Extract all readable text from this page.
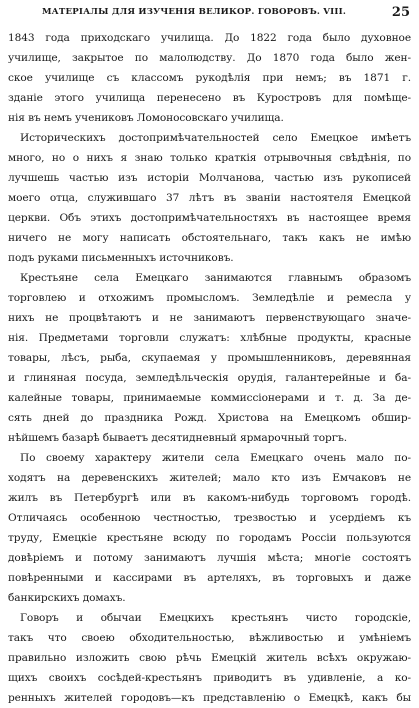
МАТЕРІАЛЫ ДЛЯ ИЗУЧЕНІЯ ВЕЛИКОР. ГОВОРОВЪ. VIII.	25
1843 года приходскаго училища. До 1822 года было духовное
училище, закрытое по малолюдству. До 1870 года было жен-
ское училище съ классомъ рукодѣлія при немъ; въ 1871 г.
зданіе этого училища перенесено въ Куростровъ для помѣще-
нія въ немъ учениковъ Ломоносовскаго училища.
Историческихъ достопримѣчательностей село Емецкое имѣетъ
много, но о нихъ я знаю только краткія отрывочныя свѣдѣнія, по
лучшешь частью изъ исторіи Молчанова, частью изъ рукописей
моего отца, служившаго 37 лѣтъ въ званіи настоятеля Емецкой
церкви. Объ этихъ достопримѣчательностяхъ въ настоящее время
ничего не могу написать обстоятельнаго, такъ какъ не имѣю
подъ руками письменныхъ источниковъ.
Крестьяне села Емецкаго занимаются главнымъ образомъ
торговлею и отхожимъ промысломъ. Земледѣліе и ремесла у
нихъ не процвѣтаютъ и не занимаютъ первенствующаго значе-
нія. Предметами торговли служатъ: хлѣбные продукты, красные
товары, лѣсъ, рыба, скупаемая у промышленниковъ, деревянная
и глиняная посуда, земледѣльческія орудія, галантерейные и ба-
калейные товары, принимаемые коммиссіонерами и т. д. За де-
сять дней до праздника Рожд. Христова на Емецкомъ обшир-
нѣйшемъ базарѣ бываетъ десятидневный ярмарочный торгъ.
По своему характеру жители села Емецкаго очень мало по-
ходятъ на деревенскихъ жителей; мало кто изъ Емчаковъ не
жилъ въ Петербургѣ или въ какомъ-нибудь торговомъ городѣ.
Отличаясь особенною честностью, трезвостью и усердіемъ къ
труду, Емецкіе крестьяне всюду по городамъ Россіи пользуются
довѣріемъ и потому занимаютъ лучшія мѣста; многіе состоятъ
повѣренными и кассирами въ артеляхъ, въ торговыхъ и даже
банкирскихъ домахъ.
Говоръ и обычаи Емецкихъ крестьянъ чисто городскіе,
такъ что своею обходительностью, вѣжливостью и умѣніемъ
правильно изложить свою рѣчь Емецкій житель всѣхъ окружаю-
щихъ своихъ сосѣдей-крестьянъ приводитъ въ удивленіе, а ко-
ренныхъ жителей городовъ—къ представленію о Емецкѣ, какъ бы
